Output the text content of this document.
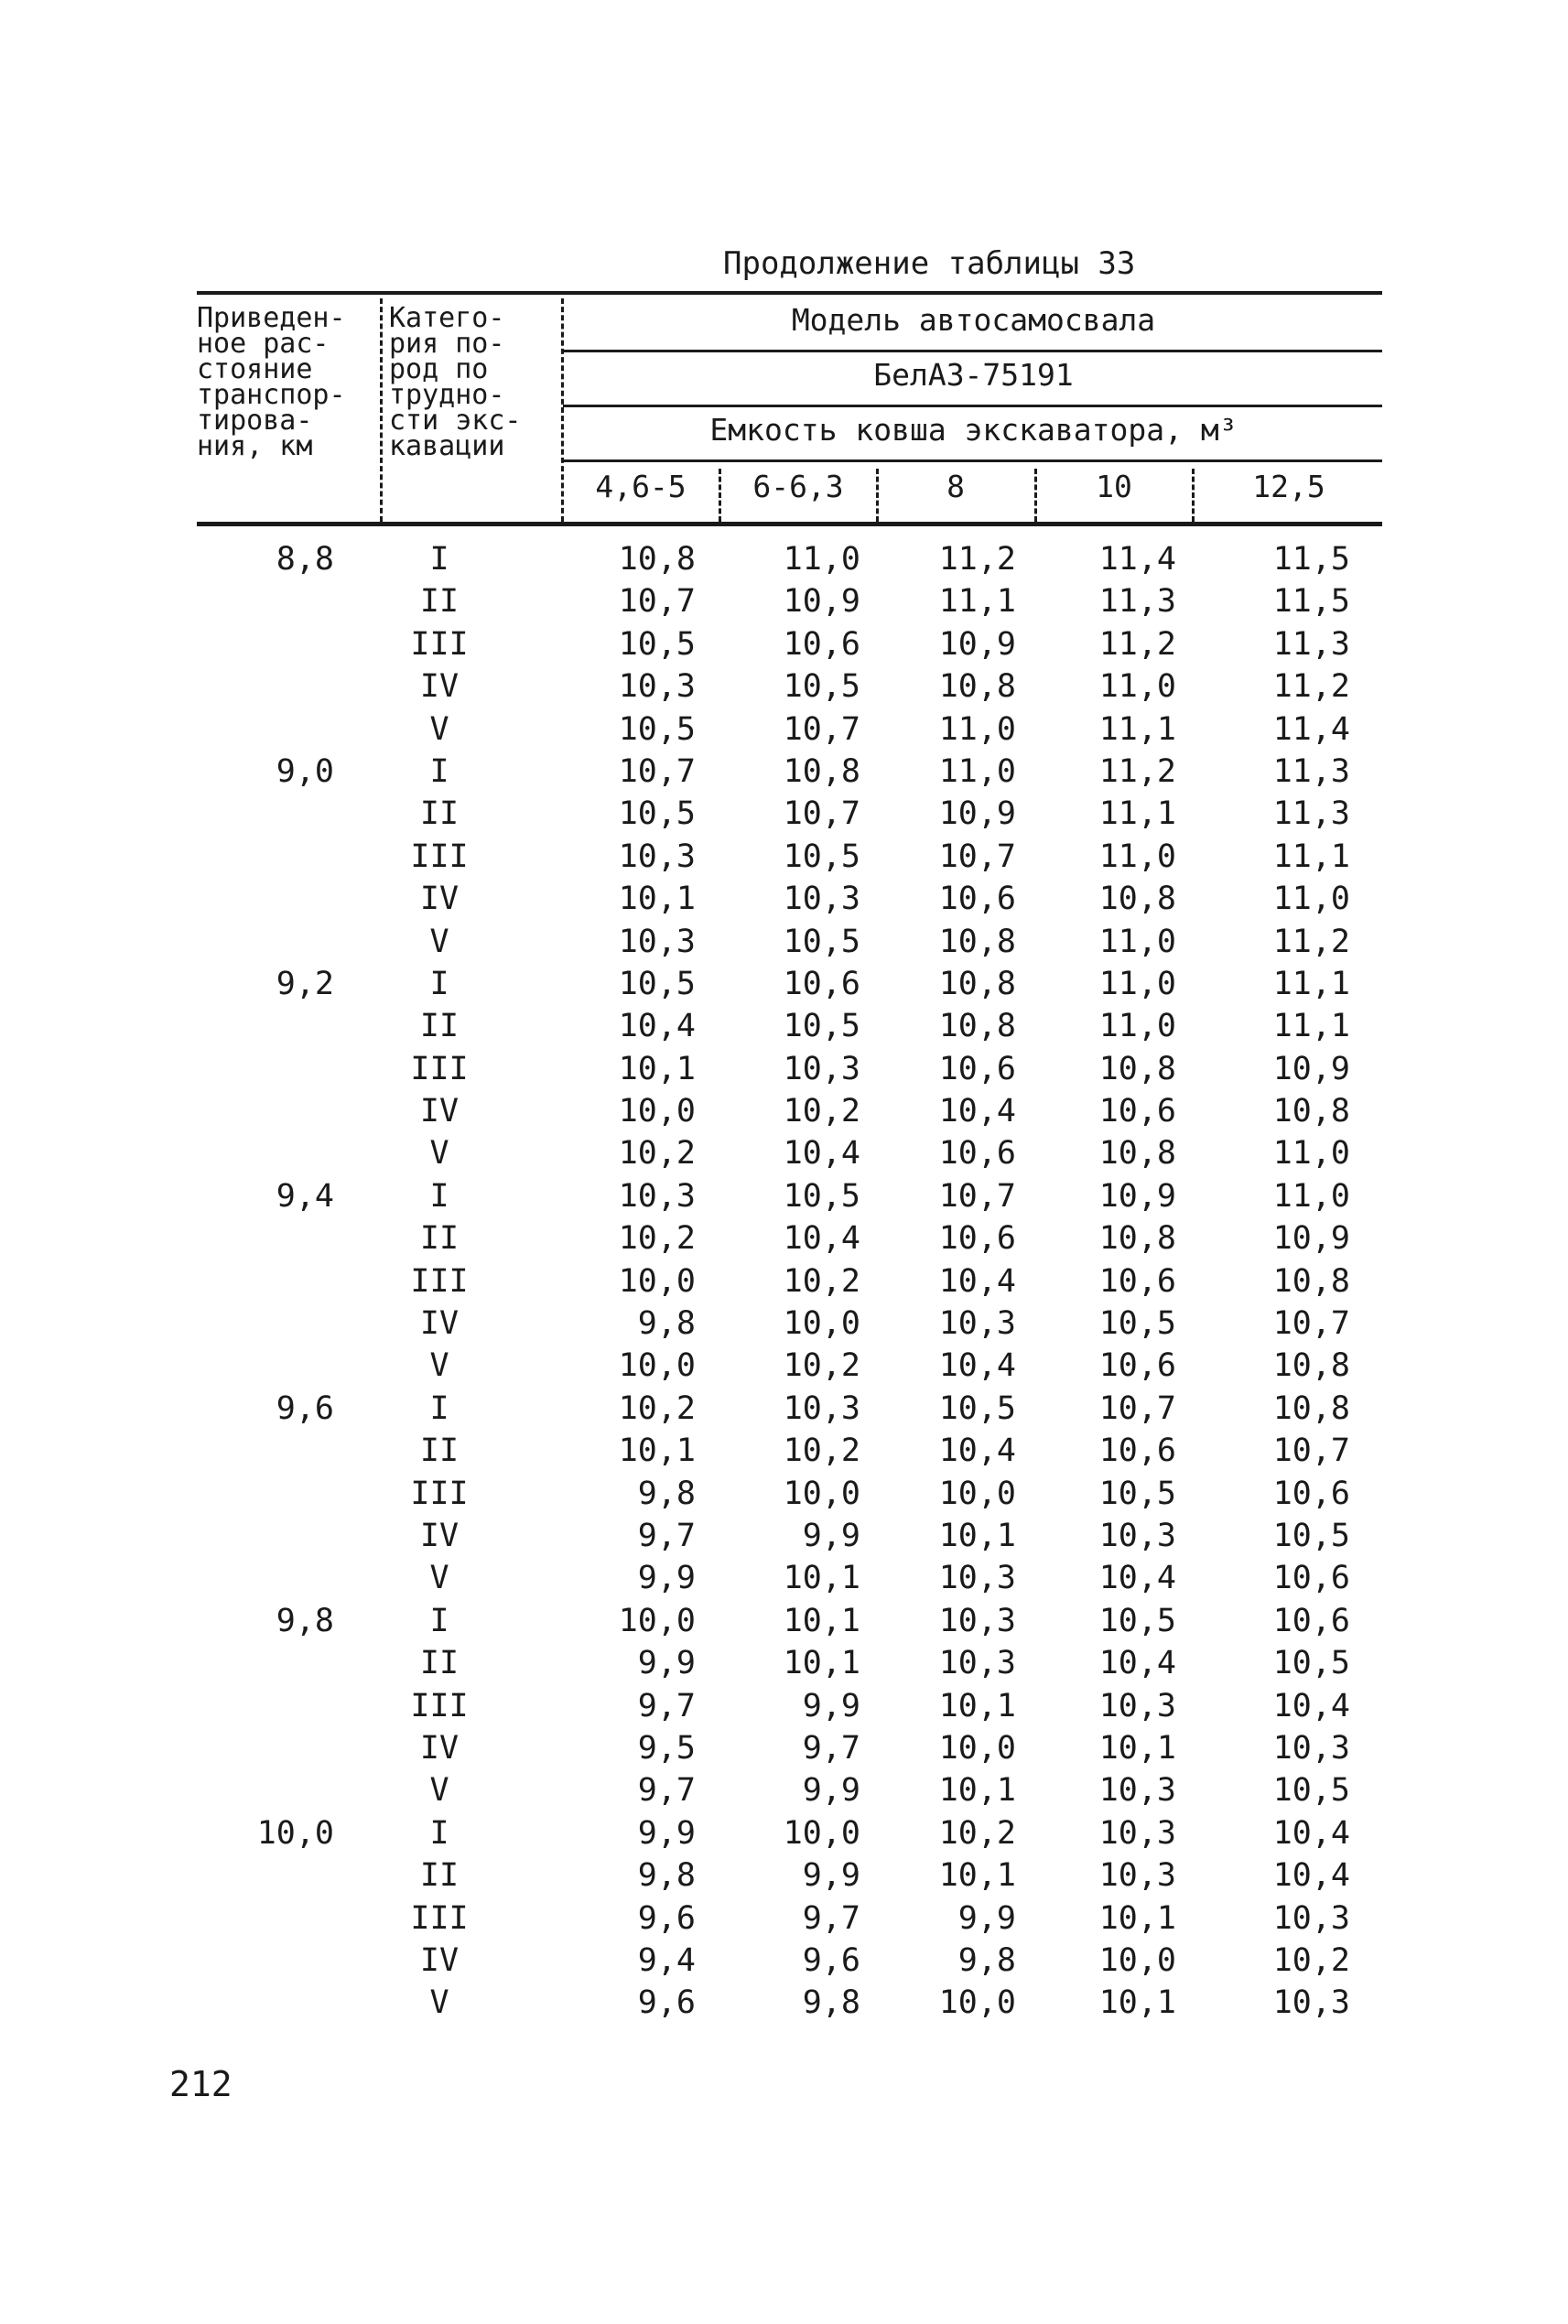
Продолжение таблицы 33
Приведен-
ное рас-
стояние
транспор-
тирова-
ния, км
Катего-
рия по-
род по
трудно-
сти экс-
кавации
Модель автосамосвала
БелАЗ-75191
Емкость ковша экскаватора, м³
4,6-5	6-6,3	8	10	12,5
8,8	I	10,8	11,0	11,2	11,4	11,5
II	10,7	10,9	11,1	11,3	11,5
III	10,5	10,6	10,9	11,2	11,3
IV	10,3	10,5	10,8	11,0	11,2
V	10,5	10,7	11,0	11,1	11,4
9,0	I	10,7	10,8	11,0	11,2	11,3
II	10,5	10,7	10,9	11,1	11,3
III	10,3	10,5	10,7	11,0	11,1
IV	10,1	10,3	10,6	10,8	11,0
V	10,3	10,5	10,8	11,0	11,2
9,2	I	10,5	10,6	10,8	11,0	11,1
II	10,4	10,5	10,8	11,0	11,1
III	10,1	10,3	10,6	10,8	10,9
IV	10,0	10,2	10,4	10,6	10,8
V	10,2	10,4	10,6	10,8	11,0
9,4	I	10,3	10,5	10,7	10,9	11,0
II	10,2	10,4	10,6	10,8	10,9
III	10,0	10,2	10,4	10,6	10,8
IV	9,8	10,0	10,3	10,5	10,7
V	10,0	10,2	10,4	10,6	10,8
9,6	I	10,2	10,3	10,5	10,7	10,8
II	10,1	10,2	10,4	10,6	10,7
III	9,8	10,0	10,0	10,5	10,6
IV	9,7	9,9	10,1	10,3	10,5
V	9,9	10,1	10,3	10,4	10,6
9,8	I	10,0	10,1	10,3	10,5	10,6
II	9,9	10,1	10,3	10,4	10,5
III	9,7	9,9	10,1	10,3	10,4
IV	9,5	9,7	10,0	10,1	10,3
V	9,7	9,9	10,1	10,3	10,5
10,0	I	9,9	10,0	10,2	10,3	10,4
II	9,8	9,9	10,1	10,3	10,4
III	9,6	9,7	9,9	10,1	10,3
IV	9,4	9,6	9,8	10,0	10,2
V	9,6	9,8	10,0	10,1	10,3
212
